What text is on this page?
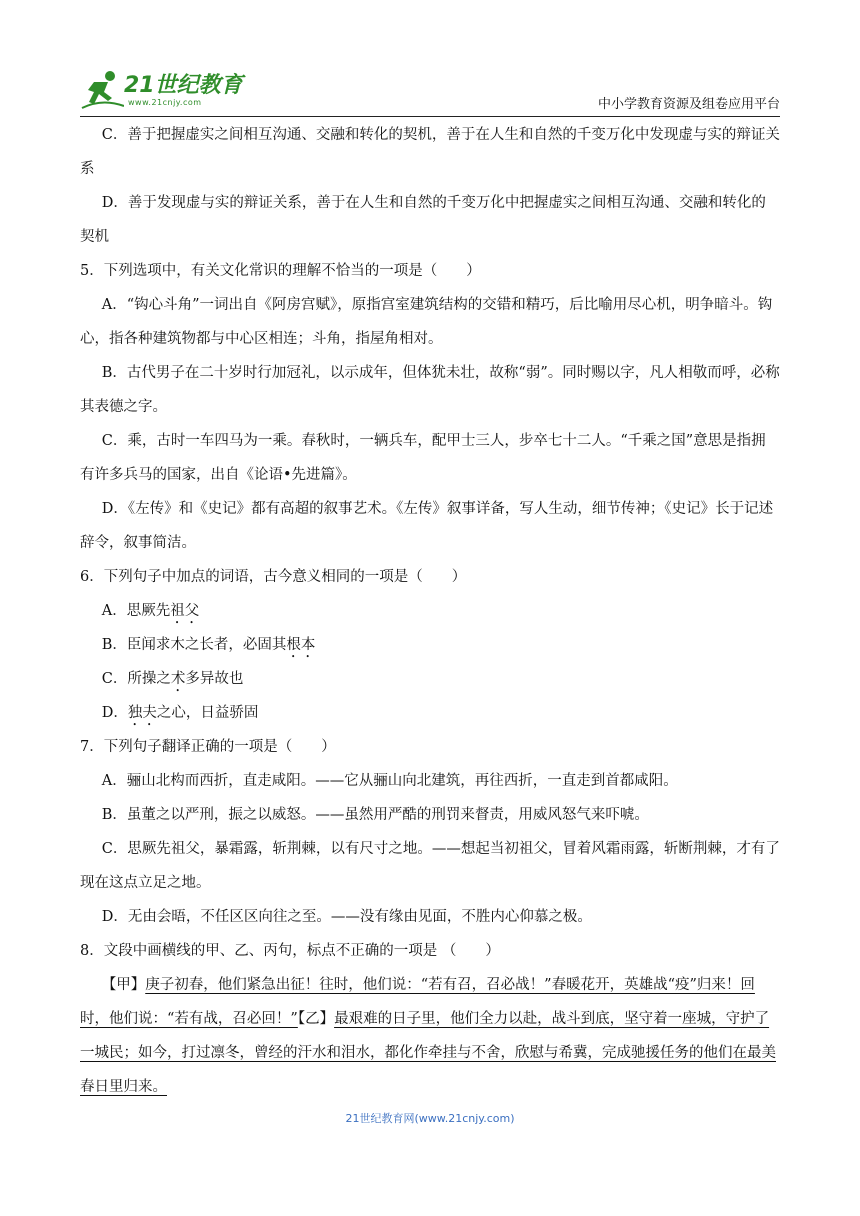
21世纪教育
www.21cnjy.com	中小学教育资源及组卷应用平台

C．善于把握虚实之间相互沟通、交融和转化的契机，善于在人生和自然的千变万化中发现虚与实的辩证关系

D．善于发现虚与实的辩证关系，善于在人生和自然的千变万化中把握虚实之间相互沟通、交融和转化的契机

5．下列选项中，有关文化常识的理解不恰当的一项是（　　）

A．“钩心斗角”一词出自《阿房宫赋》，原指宫室建筑结构的交错和精巧，后比喻用尽心机，明争暗斗。钩心，指各种建筑物都与中心区相连；斗角，指屋角相对。

B．古代男子在二十岁时行加冠礼，以示成年，但体犹未壮，故称“弱”。同时赐以字，凡人相敬而呼，必称其表德之字。

C．乘，古时一车四马为一乘。春秋时，一辆兵车，配甲士三人，步卒七十二人。“千乘之国”意思是指拥有许多兵马的国家，出自《论语•先进篇》。

D．《左传》和《史记》都有高超的叙事艺术。《左传》叙事详备，写人生动，细节传神；《史记》长于记述辞令，叙事简洁。

6．下列句子中加点的词语，古今意义相同的一项是（　　）

A．思厥先祖父

B．臣闻求木之长者，必固其根本

C．所操之术多异故也

D．独夫之心，日益骄固

7．下列句子翻译正确的一项是（　　）

A．骊山北构而西折，直走咸阳。——它从骊山向北建筑，再往西折，一直走到首都咸阳。

B．虽董之以严刑，振之以威怒。——虽然用严酷的刑罚来督责，用威风怒气来吓唬。

C．思厥先祖父，暴霜露，斩荆棘，以有尺寸之地。——想起当初祖父，冒着风霜雨露，斩断荆棘，才有了现在这点立足之地。

D．无由会晤，不任区区向往之至。——没有缘由见面，不胜内心仰慕之极。

8．文段中画横线的甲、乙、丙句，标点不正确的一项是 （　　）

【甲】庚子初春，他们紧急出征！往时，他们说：“若有召，召必战！”春暖花开，英雄战“疫”归来！回时，他们说：“若有战，召必回！”【乙】最艰难的日子里，他们全力以赴，战斗到底，坚守着一座城，守护了一城民；如今，打过凛冬，曾经的汗水和泪水，都化作牵挂与不舍，欣慰与希冀，完成驰援任务的他们在最美春日里归来。

21世纪教育网(www.21cnjy.com)
